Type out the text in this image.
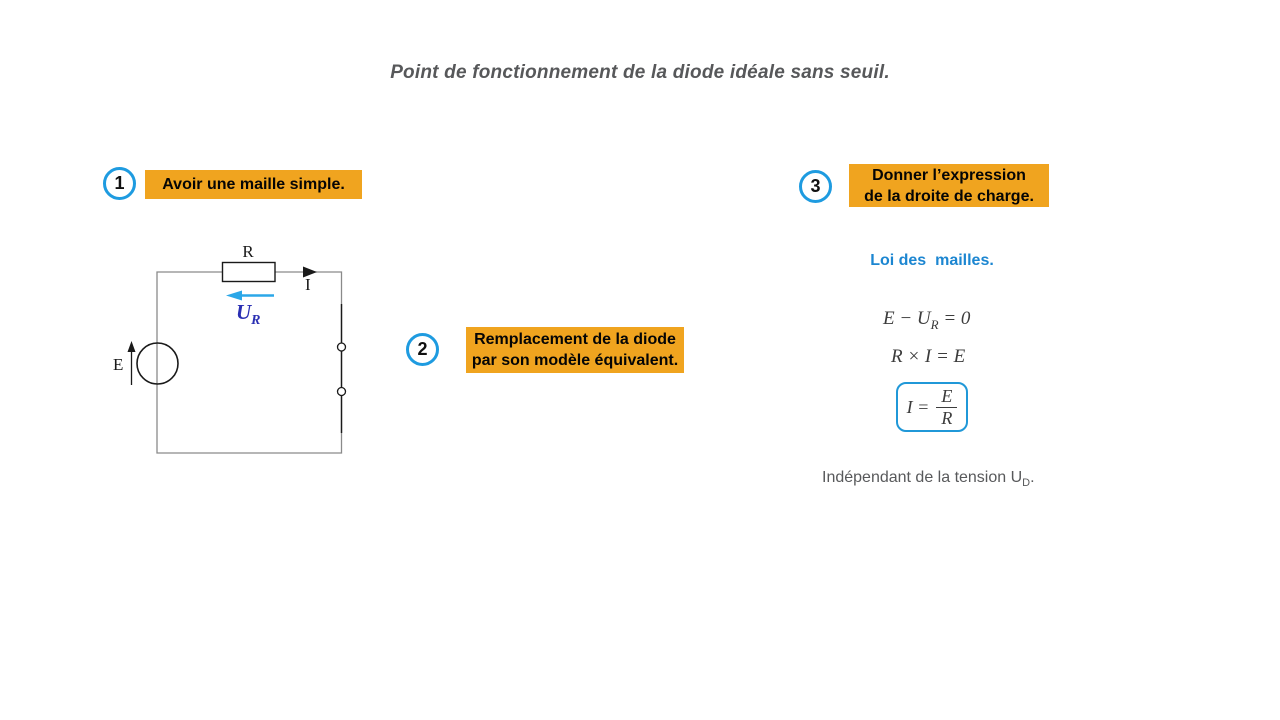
Point de fonctionnement de la diode idéale sans seuil.
1	Avoir une maille simple.
2	Remplacement de la diode
par son modèle équivalent.
3
Donner l’expression
de la droite de charge.
R
I
$U_R$
E
Loi des  mailles.
$E - U_R = 0$
R × I = E
$I = \frac{E}{R}$
Indépendant de la tension $U_D$.
